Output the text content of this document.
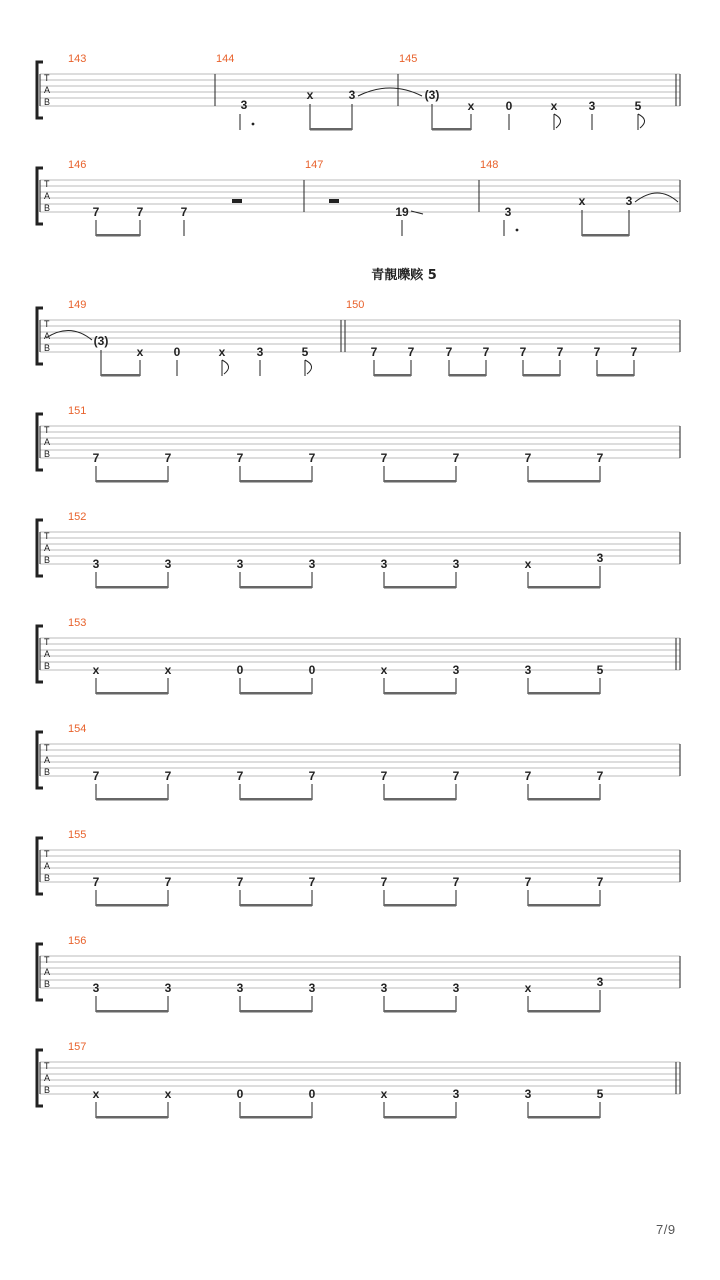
T
A
B
143	144	145
3
x	3	(3)
x	0	x	3	5
T
A
B
146	147	148
7	7	7	19	3
x	3
青靚嚛赅 5
T
A
B
149	150
(3)
x	0	x	3	5	7	7	7	7	7	7	7	7
T
A
B
151
7	7	7	7	7	7	7	7
T
A
B
152
3	3	3	3	3	3	x	3
T
A
B
153
x	x	0	0	x	3	3	5
T
A
B
154
7	7	7	7	7	7	7	7
T
A
B
155
7	7	7	7	7	7	7	7
T
A
B
156
3	3	3	3	3	3	x	3
T
A
B
157
x	x	0	0	x	3	3	5
7/9
